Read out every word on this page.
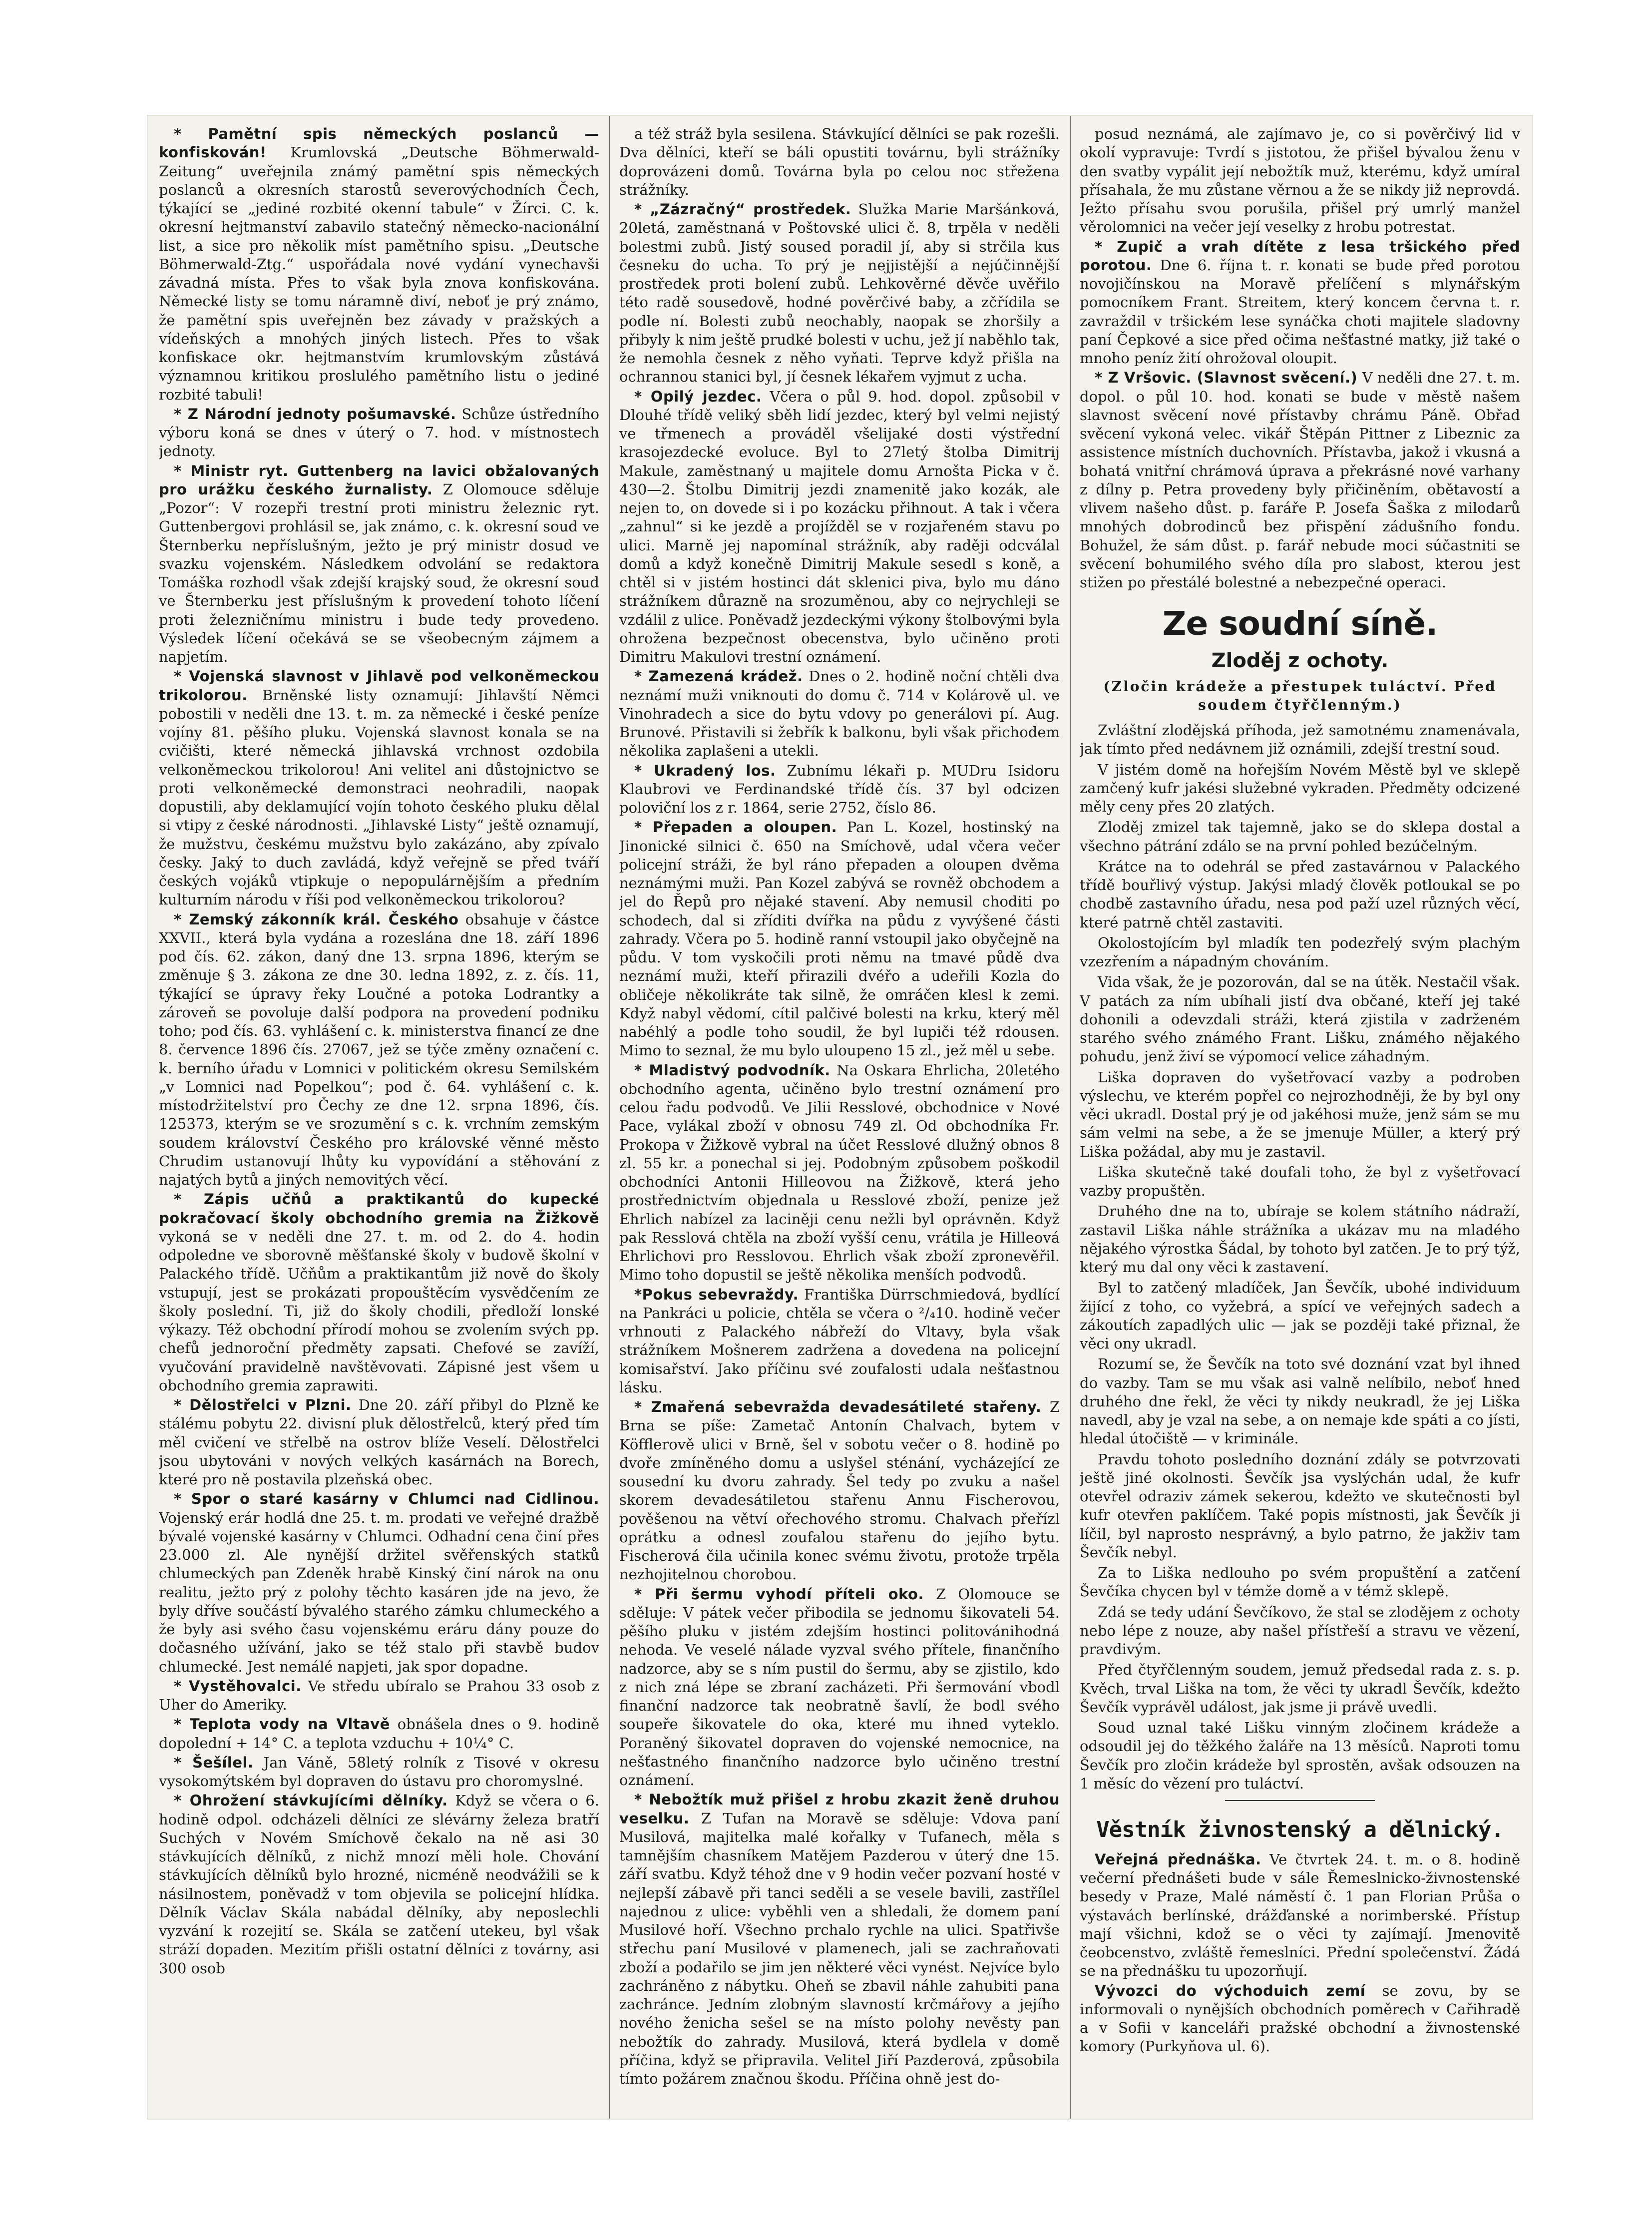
* Pamětní spis německých poslanců — konfiskován! Krumlovská „Deutsche Böhmerwald-Zeitung“ uveřejnila známý pamětní spis německých poslanců a okresních starostů severovýchodních Čech, týkající se „jediné rozbité okenní tabule“ v Žírci. C. k. okresní hejtmanství zabavilo statečný německo-nacionální list, a sice pro několik míst pamětního spisu. „Deutsche Böhmerwald-Ztg.“ uspořádala nové vydání vynechavši závadná místa. Přes to však byla znova konfiskována. Německé listy se tomu náramně diví, neboť je prý známo, že pamětní spis uveřejněn bez závady v pražských a vídeňských a mnohých jiných listech. Přes to však konfiskace okr. hejtmanstvím krumlovským zůstává významnou kritikou proslulého pamětního listu o jediné rozbité tabuli!

* Z Národní jednoty pošumavské. Schůze ústředního výboru koná se dnes v úterý o 7. hod. v místnostech jednoty.

* Ministr ryt. Guttenberg na lavici obžalovaných pro urážku českého žurnalisty. Z Olomouce sděluje „Pozor“: V rozepři trestní proti ministru železnic ryt. Guttenbergovi prohlásil se, jak známo, c. k. okresní soud ve Šternberku nepříslušným, ježto je prý ministr dosud ve svazku vojenském. Následkem odvolání se redaktora Tomáška rozhodl však zdejší krajský soud, že okresní soud ve Šternberku jest příslušným k provedení tohoto líčení proti železničnímu ministru i bude tedy provedeno. Výsledek líčení očekává se se všeobecným zájmem a napjetím.

* Vojenská slavnost v Jihlavě pod velkoněmeckou trikolorou. Brněnské listy oznamují: Jihlavští Němci pobostili v neděli dne 13. t. m. za německé i české peníze vojíny 81. pěšího pluku. Vojenská slavnost konala se na cvičišti, které německá jihlavská vrchnost ozdobila velkoněmeckou trikolorou! Ani velitel ani důstojnictvo se proti velkoněmecké demonstraci neohradili, naopak dopustili, aby deklamující vojín tohoto českého pluku dělal si vtipy z české národnosti. „Jihlavské Listy“ ještě oznamují, že mužstvu, českému mužstvu bylo zakázáno, aby zpívalo česky. Jaký to duch zavládá, když veřejně se před tváří českých vojáků vtipkuje o nepopulárnějším a předním kulturním národu v říši pod velkoněmeckou trikolorou?

* Zemský zákonník král. Českého obsahuje v částce XXVII., která byla vydána a rozeslána dne 18. září 1896 pod čís. 62. zákon, daný dne 13. srpna 1896, kterým se změnuje § 3. zákona ze dne 30. ledna 1892, z. z. čís. 11, týkající se úpravy řeky Loučné a potoka Lodrantky a zároveň se povoluje další podpora na provedení podniku toho; pod čís. 63. vyhlášení c. k. ministerstva financí ze dne 8. července 1896 čís. 27067, jež se týče změny označení c. k. berního úřadu v Lomnici v politickém okresu Semilském „v Lomnici nad Popelkou“; pod č. 64. vyhlášení c. k. místodržitelství pro Čechy ze dne 12. srpna 1896, čís. 125373, kterým se ve srozumění s c. k. vrchním zemským soudem království Českého pro královské věnné město Chrudim ustanovují lhůty ku vypovídání a stěhování z najatých bytů a jiných nemovitých věcí.

* Zápis učňů a praktikantů do kupecké pokračovací školy obchodního gremia na Žižkově vykoná se v neděli dne 27. t. m. od 2. do 4. hodin odpoledne ve sborovně měšťanské školy v budově školní v Palackého třídě. Učňům a praktikantům již nově do školy vstupují, jest se prokázati propouštěcím vysvědčením ze školy poslední. Ti, již do školy chodili, předloží lonské výkazy. Též obchodní přírodí mohou se zvolením svých pp. chefů jednoroční předměty zapsati. Chefové se zavíží, vyučování pravidelně navštěvovati. Zápisné jest všem u obchodního gremia zaprawiti.

* Dělostřelci v Plzni. Dne 20. září přibyl do Plzně ke stálému pobytu 22. divisní pluk dělostřelců, který před tím měl cvičení ve střelbě na ostrov blíže Veselí. Dělostřelci jsou ubytováni v nových velkých kasárnách na Borech, které pro ně postavila plzeňská obec.

* Spor o staré kasárny v Chlumci nad Cidlinou. Vojenský erár hodlá dne 25. t. m. prodati ve veřejné dražbě bývalé vojenské kasárny v Chlumci. Odhadní cena činí přes 23.000 zl. Ale nynější držitel svěřenských statků chlumeckých pan Zdeněk hrabě Kinský činí nárok na onu realitu, ježto prý z polohy těchto kasáren jde na jevo, že byly dříve součástí bývalého starého zámku chlumeckého a že byly asi svého času vojenskému eráru dány pouze do dočasného užívání, jako se též stalo při stavbě budov chlumecké. Jest nemálé napjeti, jak spor dopadne.

* Vystěhovalci. Ve středu ubíralo se Prahou 33 osob z Uher do Ameriky.

* Teplota vody na Vltavě obnášela dnes o 9. hodině dopolední + 14° C. a teplota vzduchu + 10¼° C.

* Šešílel. Jan Váně, 58letý rolník z Tisové v okresu vysokomýtském byl dopraven do ústavu pro choromyslné.

* Ohrožení stávkujícími dělníky. Když se včera o 6. hodině odpol. odcházeli dělníci ze slévárny železa bratří Suchých v Novém Smíchově čekalo na ně asi 30 stávkujících dělníků, z nichž mnozí měli hole. Chování stávkujících dělníků bylo hrozné, nicméně neodvážili se k násilnostem, poněvadž v tom objevila se policejní hlídka. Dělník Václav Skála nabádal dělníky, aby neposlechli vyzvání k rozejití se. Skála se zatčení utekeu, byl však stráží dopaden. Mezitím přišli ostatní dělníci z továrny, asi 300 osob

a též stráž byla sesilena. Stávkující dělníci se pak rozešli. Dva dělníci, kteří se báli opustiti továrnu, byli strážníky doprovázeni domů. Továrna byla po celou noc střežena strážníky.

* „Zázračný“ prostředek. Služka Marie Maršánková, 20letá, zaměstnaná v Poštovské ulici č. 8, trpěla v neděli bolestmi zubů. Jistý soused poradil jí, aby si strčila kus česneku do ucha. To prý je nejjistější a nejúčinnější prostředek proti bolení zubů. Lehkověrné děvče uvěřilo této radě sousedově, hodné pověrčivé baby, a zčřídila se podle ní. Bolesti zubů neochably, naopak se zhoršily a přibyly k nim ještě prudké bolesti v uchu, jež jí naběhlo tak, že nemohla česnek z něho vyňati. Teprve když přišla na ochrannou stanici byl, jí česnek lékařem vyjmut z ucha.

* Opilý jezdec. Včera o půl 9. hod. dopol. způsobil v Dlouhé třídě veliký sběh lidí jezdec, který byl velmi nejistý ve třmenech a prováděl všelijaké dosti výstřední krasojezdecké evoluce. Byl to 27letý štolba Dimitrij Makule, zaměstnaný u majitele domu Arnošta Picka v č. 430—2. Štolbu Dimitrij jezdi znamenitě jako kozák, ale nejen to, on dovede si i po kozácku přihnout. A tak i včera „zahnul“ si ke jezdě a projížděl se v rozjařeném stavu po ulici. Marně jej napomínal strážník, aby raději odcválal domů a když konečně Dimitrij Makule sesedl s koně, a chtěl si v jistém hostinci dát sklenici piva, bylo mu dáno strážníkem důrazně na srozuměnou, aby co nejrychleji se vzdálil z ulice. Poněvadž jezdeckými výkony štolbovými byla ohrožena bezpečnost obecenstva, bylo učiněno proti Dimitru Makulovi trestní oznámení.

* Zamezená krádež. Dnes o 2. hodině noční chtěli dva neznámí muži vniknouti do domu č. 714 v Kolárově ul. ve Vinohradech a sice do bytu vdovy po generálovi pí. Aug. Brunové. Přistavili si žebřík k balkonu, byli však přichodem několika zaplašeni a utekli.

* Ukradený los. Zubnímu lékaři p. MUDru Isidoru Klaubrovi ve Ferdinandské třídě čís. 37 byl odcizen poloviční los z r. 1864, serie 2752, číslo 86.

* Přepaden a oloupen. Pan L. Kozel, hostinský na Jinonické silnici č. 650 na Smíchově, udal včera večer policejní stráži, že byl ráno přepaden a oloupen dvěma neznámými muži. Pan Kozel zabývá se rovněž obchodem a jel do Řepů pro nějaké stavení. Aby nemusil choditi po schodech, dal si zříditi dvířka na půdu z vyvýšené části zahrady. Včera po 5. hodině ranní vstoupil jako obyčejně na půdu. V tom vyskočili proti němu na tmavé půdě dva neznámí muži, kteří přirazili dvéřo a udeřili Kozla do obličeje několikráte tak silně, že omráčen klesl k zemi. Když nabyl vědomí, cítil palčivé bolesti na krku, který měl nabéhlý a podle toho soudil, že byl lupiči též rdousen. Mimo to seznal, že mu bylo uloupeno 15 zl., jež měl u sebe.

* Mladistvý podvodník. Na Oskara Ehrlicha, 20letého obchodního agenta, učiněno bylo trestní oznámení pro celou řadu podvodů. Ve Jilii Resslové, obchodnice v Nové Pace, vylákal zboží v obnosu 749 zl. Od obchodníka Fr. Prokopa v Žižkově vybral na účet Resslové dlužný obnos 8 zl. 55 kr. a ponechal si jej. Podobným způsobem poškodil obchodníci Antonii Hilleovou na Žižkově, která jeho prostřednictvím objednala u Resslové zboží, penize jež Ehrlich nabízel za laciněji cenu nežli byl oprávněn. Když pak Resslová chtěla na zboží vyšší cenu, vrátila je Hilleová Ehrlichovi pro Resslovou. Ehrlich však zboží zpronevěřil. Mimo toho dopustil se ještě několika menších podvodů.

*Pokus sebevraždy. Františka Dürrschmiedová, bydlící na Pankráci u policie, chtěla se včera o ²/₄10. hodině večer vrhnouti z Palackého nábřeží do Vltavy, byla však strážníkem Mošnerem zadržena a dovedena na policejní komisařství. Jako příčinu své zoufalosti udala nešťastnou lásku.

* Zmařená sebevražda devadesátileté stařeny. Z Brna se píše: Zametač Antonín Chalvach, bytem v Köfflerově ulici v Brně, šel v sobotu večer o 8. hodině po dvoře zmíněného domu a uslyšel sténání, vycházející ze sousední ku dvoru zahrady. Šel tedy po zvuku a našel skorem devadesátiletou stařenu Annu Fischerovou, pověšenou na větví ořechového stromu. Chalvach přeřízl oprátku a odnesl zoufalou stařenu do jejího bytu. Fischerová čila učinila konec svému životu, protože trpěla nezhojitelnou chorobou.

* Při šermu vyhodí příteli oko. Z Olomouce se sděluje: V pátek večer přibodila se jednomu šikovateli 54. pěšího pluku v jistém zdejším hostinci politovánihodná nehoda. Ve veselé nálade vyzval svého přítele, finančního nadzorce, aby se s ním pustil do šermu, aby se zjistilo, kdo z nich zná lépe se zbraní zacházeti. Při šermování vbodl finanční nadzorce tak neobratně šavlí, že bodl svého soupeře šikovatele do oka, které mu ihned vyteklo. Poraněný šikovatel dopraven do vojenské nemocnice, na nešťastného finančního nadzorce bylo učiněno trestní oznámení.

* Nebožtík muž přišel z hrobu zkazit ženě druhou veselku. Z Tufan na Moravě se sděluje: Vdova paní Musilová, majitelka malé kořalky v Tufanech, měla s tamnějším chasníkem Matějem Pazderou v úterý dne 15. září svatbu. Když téhož dne v 9 hodin večer pozvaní hosté v nejlepší zábavě při tanci seděli a se vesele bavili, zastřílel najednou z ulice: vyběhli ven a shledali, že domem paní Musilové hoří. Všechno prchalo rychle na ulici. Spatřivše střechu paní Musilové v plamenech, jali se zachraňovati zboží a podařilo se jim jen některé věci vynést. Nejvíce bylo zachráněno z nábytku. Oheň se zbavil náhle zahubiti pana zachránce. Jedním zlobným slavností krčmářovy a jejího nového ženicha sešel se na místo polohy nevěsty pan nebožtík do zahrady. Musilová, která bydlela v domě příčina, když se připravila. Velitel Jiří Pazderová, způsobila tímto požárem značnou škodu. Příčina ohně jest do-

posud neznámá, ale zajímavo je, co si pověrčivý lid v okolí vypravuje: Tvrdí s jistotou, že přišel bývalou ženu v den svatby vypálit její nebožtík muž, kterému, když umíral přísahala, že mu zůstane věrnou a že se nikdy již neprovdá. Ježto přísahu svou porušila, přišel prý umrlý manžel věrolomnici na večer její veselky z hrobu potrestat.

* Zupič a vrah dítěte z lesa tršického před porotou. Dne 6. října t. r. konati se bude před porotou novojičínskou na Moravě přelíčení s mlynářským pomocníkem Frant. Streitem, který koncem června t. r. zavraždil v tršickém lese synáčka choti majitele sladovny paní Čepkové a sice před očima nešťastné matky, již také o mnoho peníz žití ohrožoval oloupit.

* Z Vršovic. (Slavnost svěcení.) V neděli dne 27. t. m. dopol. o půl 10. hod. konati se bude v městě našem slavnost svěcení nové přístavby chrámu Páně. Obřad svěcení vykoná velec. vikář Štěpán Pittner z Libeznic za assistence místních duchovních. Přístavba, jakož i vkusná a bohatá vnitřní chrámová úprava a překrásné nové varhany z dílny p. Petra provedeny byly přičiněním, obětavostí a vlivem našeho důst. p. faráře P. Josefa Šaška z milodarů mnohých dobrodinců bez přispění zádušního fondu. Bohužel, že sám důst. p. farář nebude moci súčastniti se svěcení bohumilého svého díla pro slabost, kterou jest stižen po přestálé bolestné a nebezpečné operaci.

Ze soudní síně.
Zloděj z ochoty.
(Zločin krádeže a přestupek tuláctví. Před soudem čtyřčlenným.)

Zvláštní zlodějská příhoda, jež samotnému znamenávala, jak tímto před nedávnem již oznámili, zdejší trestní soud.

V jistém domě na hořejším Novém Městě byl ve sklepě zamčený kufr jakési služebné vykraden. Předměty odcizené měly ceny přes 20 zlatých.

Zloděj zmizel tak tajemně, jako se do sklepa dostal a všechno pátrání zdálo se na první pohled bezúčelným.

Krátce na to odehrál se před zastavárnou v Palackého třídě bouřlivý výstup. Jakýsi mladý člověk potloukal se po chodbě zastavního úřadu, nesa pod paží uzel různých věcí, které patrně chtěl zastaviti.

Okolostojícím byl mladík ten podezřelý svým plachým vzezřením a nápadným chováním.

Vida však, že je pozorován, dal se na útěk. Nestačil však. V patách za ním ubíhali jistí dva občané, kteří jej také dohonili a odevzdali stráži, která zjistila v zadrženém starého svého známého Frant. Lišku, známého nějakého pohudu, jenž živí se výpomocí velice záhadným.

Liška dopraven do vyšetřovací vazby a podroben výslechu, ve kterém popřel co nejrozhodněji, že by byl ony věci ukradl. Dostal prý je od jakéhosi muže, jenž sám se mu sám velmi na sebe, a že se jmenuje Müller, a který prý Liška požádal, aby mu je zastavil.

Liška skutečně také doufali toho, že byl z vyšetřovací vazby propuštěn.

Druhého dne na to, ubíraje se kolem státního nádraží, zastavil Liška náhle strážníka a ukázav mu na mladého nějakého výrostka Šádal, by tohoto byl zatčen. Je to prý týž, který mu dal ony věci k zastavení.

Byl to zatčený mladíček, Jan Ševčík, ubohé individuum žijící z toho, co vyžebrá, a spící ve veřejných sadech a zákoutích zapadlých ulic — jak se později také přiznal, že věci ony ukradl.

Rozumí se, že Ševčík na toto své doznání vzat byl ihned do vazby. Tam se mu však asi valně nelíbilo, neboť hned druhého dne řekl, že věci ty nikdy neukradl, že jej Liška navedl, aby je vzal na sebe, a on nemaje kde spáti a co jísti, hledal útočiště — v kriminále.

Pravdu tohoto posledního doznání zdály se potvrzovati ještě jiné okolnosti. Ševčík jsa vyslýchán udal, že kufr otevřel odraziv zámek sekerou, kdežto ve skutečnosti byl kufr otevřen paklíčem. Také popis místnosti, jak Ševčík ji líčil, byl naprosto nesprávný, a bylo patrno, že jakživ tam Ševčík nebyl.

Za to Liška nedlouho po svém propuštění a zatčení Ševčíka chycen byl v témže domě a v témž sklepě.

Zdá se tedy udání Ševčíkovo, že stal se zlodějem z ochoty nebo lépe z nouze, aby našel přístřeší a stravu ve vězení, pravdivým.

Před čtyřčlenným soudem, jemuž předsedal rada z. s. p. Kvěch, trval Liška na tom, že věci ty ukradl Ševčík, kdežto Ševčík vyprávěl událost, jak jsme ji právě uvedli.

Soud uznal také Lišku vinným zločinem krádeže a odsoudil jej do těžkého žaláře na 13 měsíců. Naproti tomu Ševčík pro zločin krádeže byl sprostěn, avšak odsouzen na 1 měsíc do vězení pro tuláctví.

Věstník živnostenský a dělnický.

Veřejná přednáška. Ve čtvrtek 24. t. m. o 8. hodině večerní přednášeti bude v sále Řemeslnicko-živnostenské besedy v Praze, Malé náměstí č. 1 pan Florian Průša o výstavách berlínské, drážďanské a norimberské. Přístup mají všichni, kdož se o věci ty zajímají. Jmenovitě čeobcenstvo, zvláště řemeslníci. Přední společenství. Žádá se na přednášku tu upozorňují.

Vývozci do východuich zemí se zovu, by se informovali o nynějších obchodních poměrech v Cařihradě a v Sofii v kanceláři pražské obchodní a živnostenské komory (Purkyňova ul. 6).
